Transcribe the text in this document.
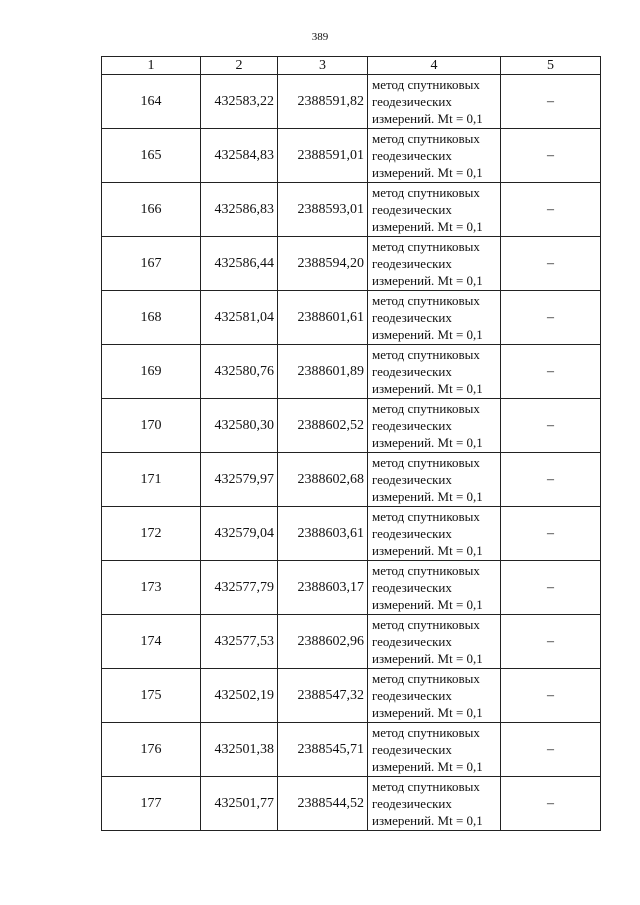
389
1	2	3	4	5
164	432583,22	2388591,82	метод спутниковых
геодезических
измерений. Mt = 0,1	–
165	432584,83	2388591,01	метод спутниковых
геодезических
измерений. Mt = 0,1	–
166	432586,83	2388593,01	метод спутниковых
геодезических
измерений. Mt = 0,1	–
167	432586,44	2388594,20	метод спутниковых
геодезических
измерений. Mt = 0,1	–
168	432581,04	2388601,61	метод спутниковых
геодезических
измерений. Mt = 0,1	–
169	432580,76	2388601,89	метод спутниковых
геодезических
измерений. Mt = 0,1	–
170	432580,30	2388602,52	метод спутниковых
геодезических
измерений. Mt = 0,1	–
171	432579,97	2388602,68	метод спутниковых
геодезических
измерений. Mt = 0,1	–
172	432579,04	2388603,61	метод спутниковых
геодезических
измерений. Mt = 0,1	–
173	432577,79	2388603,17	метод спутниковых
геодезических
измерений. Mt = 0,1	–
174	432577,53	2388602,96	метод спутниковых
геодезических
измерений. Mt = 0,1	–
175	432502,19	2388547,32	метод спутниковых
геодезических
измерений. Mt = 0,1	–
176	432501,38	2388545,71	метод спутниковых
геодезических
измерений. Mt = 0,1	–
177	432501,77	2388544,52	метод спутниковых
геодезических
измерений. Mt = 0,1	–
